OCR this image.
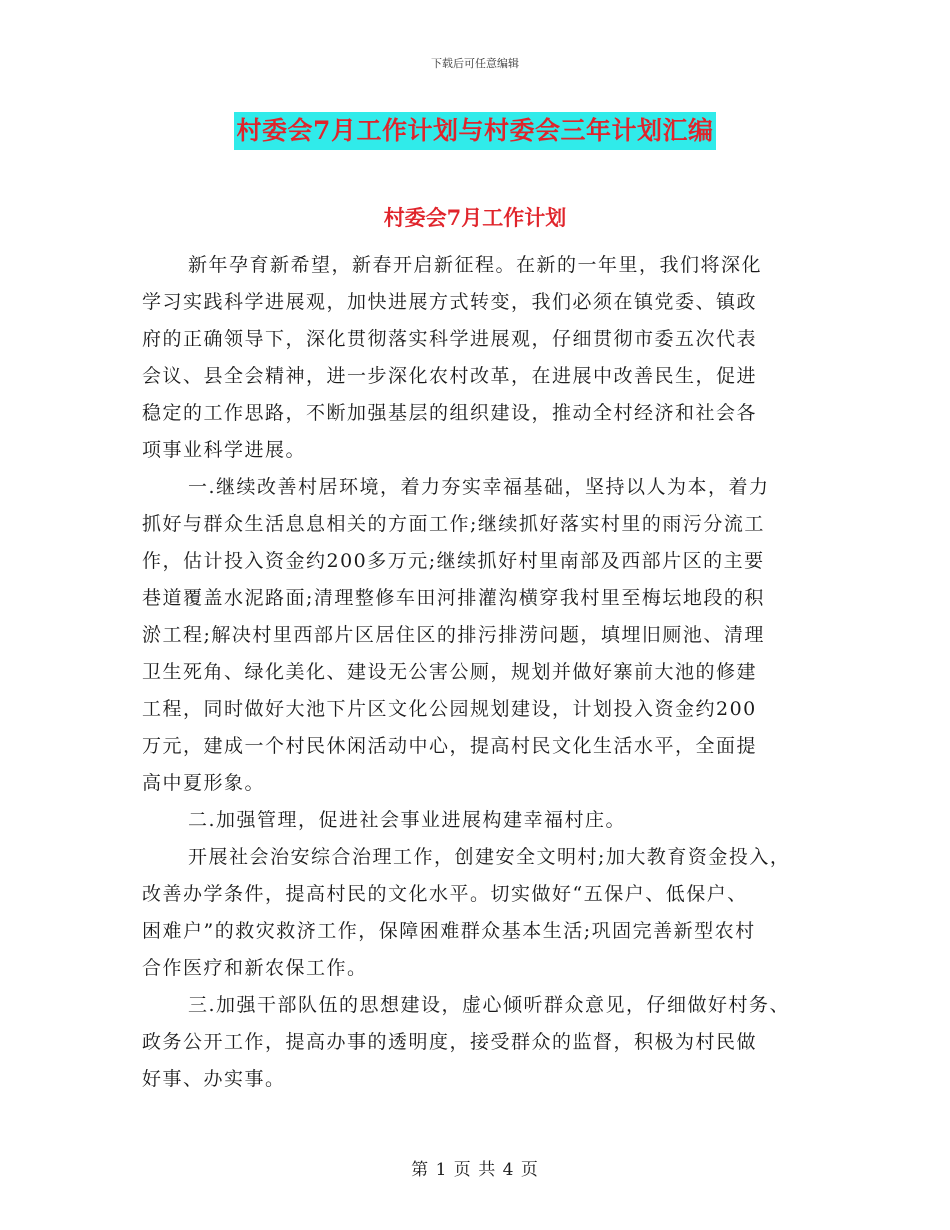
下载后可任意编辑
村委会7月工作计划与村委会三年计划汇编
村委会7月工作计划
新年孕育新希望，新春开启新征程。在新的一年里，我们将深化
学习实践科学进展观，加快进展方式转变，我们必须在镇党委、镇政
府的正确领导下，深化贯彻落实科学进展观，仔细贯彻市委五次代表
会议、县全会精神，进一步深化农村改革，在进展中改善民生，促进
稳定的工作思路，不断加强基层的组织建设，推动全村经济和社会各
项事业科学进展。
一.继续改善村居环境，着力夯实幸福基础，坚持以人为本，着力
抓好与群众生活息息相关的方面工作;继续抓好落实村里的雨污分流工
作，估计投入资金约200多万元;继续抓好村里南部及西部片区的主要
巷道覆盖水泥路面;清理整修车田河排灌沟横穿我村里至梅坛地段的积
淤工程;解决村里西部片区居住区的排污排涝问题，填埋旧厕池、清理
卫生死角、绿化美化、建设无公害公厕，规划并做好寨前大池的修建
工程，同时做好大池下片区文化公园规划建设，计划投入资金约200
万元，建成一个村民休闲活动中心，提高村民文化生活水平，全面提
高中夏形象。
二.加强管理，促进社会事业进展构建幸福村庄。
开展社会治安综合治理工作，创建安全文明村;加大教育资金投入，
改善办学条件，提高村民的文化水平。切实做好“五保户、低保户、
困难户”的救灾救济工作，保障困难群众基本生活;巩固完善新型农村
合作医疗和新农保工作。
三.加强干部队伍的思想建设，虚心倾听群众意见，仔细做好村务、
政务公开工作，提高办事的透明度，接受群众的监督，积极为村民做
好事、办实事。
第 1 页 共 4 页
